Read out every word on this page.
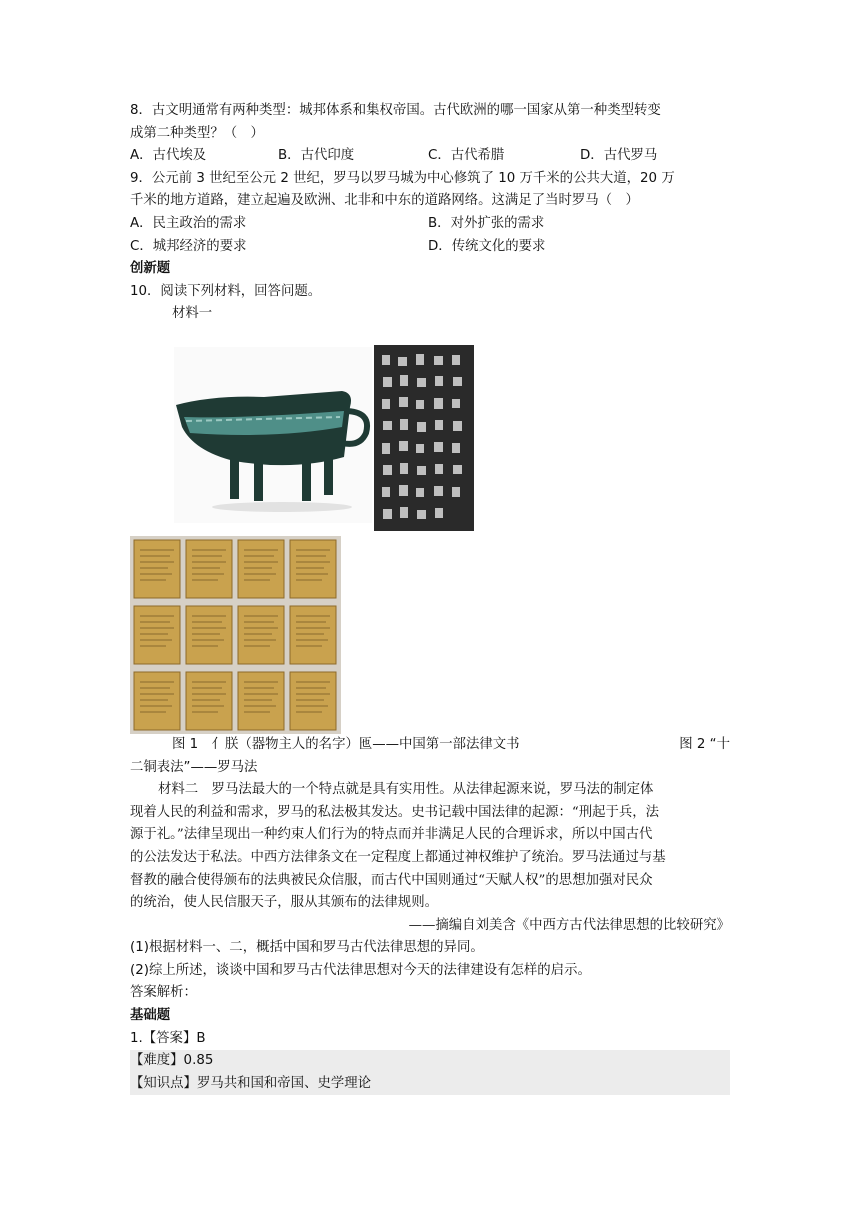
8．古文明通常有两种类型：城邦体系和集权帝国。古代欧洲的哪一国家从第一种类型转变
成第二种类型？（　）
A．古代埃及	B．古代印度	C．古代希腊	D．古代罗马
9．公元前 3 世纪至公元 2 世纪，罗马以罗马城为中心修筑了 10 万千米的公共大道，20 万
千米的地方道路，建立起遍及欧洲、北非和中东的道路网络。这满足了当时罗马（　）
A．民主政治的需求	B．对外扩张的需求
C．城邦经济的要求	D．传统文化的要求
创新题
10．阅读下列材料，回答问题。
材料一
图 1　亻朕（器物主人的名字）匜——中国第一部法律文书	图 2 “十
二铜表法”——罗马法
材料二　罗马法最大的一个特点就是具有实用性。从法律起源来说，罗马法的制定体
现着人民的利益和需求，罗马的私法极其发达。史书记载中国法律的起源：“刑起于兵，法
源于礼。”法律呈现出一种约束人们行为的特点而并非满足人民的合理诉求，所以中国古代
的公法发达于私法。中西方法律条文在一定程度上都通过神权维护了统治。罗马法通过与基
督教的融合使得颁布的法典被民众信服，而古代中国则通过“天赋人权”的思想加强对民众
的统治，使人民信服天子，服从其颁布的法律规则。
——摘编自刘美含《中西方古代法律思想的比较研究》
(1)根据材料一、二，概括中国和罗马古代法律思想的异同。
(2)综上所述，谈谈中国和罗马古代法律思想对今天的法律建设有怎样的启示。
答案解析：
基础题
1.【答案】B
【难度】0.85
【知识点】罗马共和国和帝国、史学理论
